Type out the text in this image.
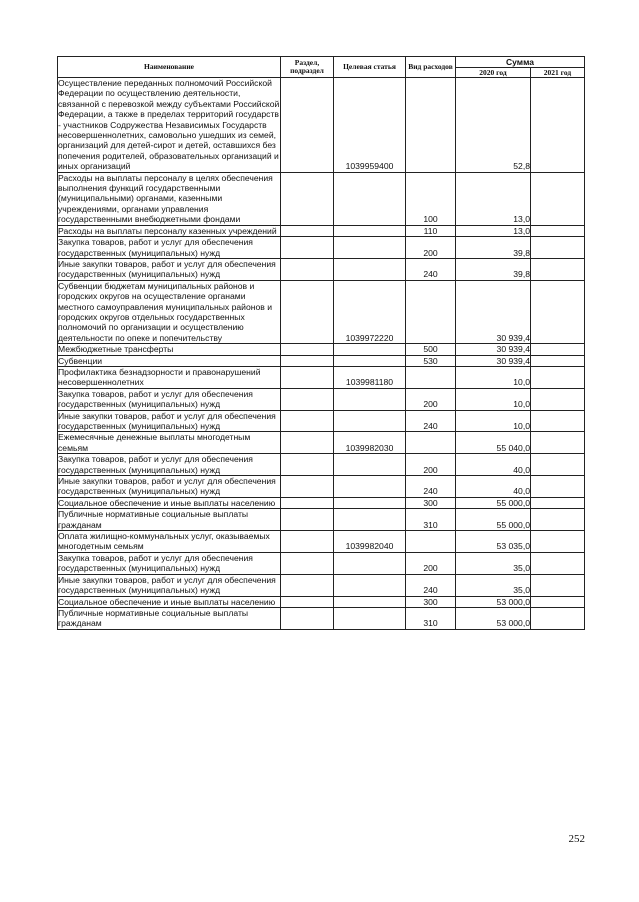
Наименование	Раздел, подраздел	Целевая статья	Вид расходов	Сумма	
				2020 год	2021 год
Осуществление переданных полномочий Российской Федерации по осуществлению деятельности, связанной с перевозкой между субъектами Российской Федерации, а также в пределах территорий государств - участников Содружества Независимых Государств несовершеннолетних, самовольно ушедших из семей, организаций для детей-сирот и детей, оставшихся без попечения родителей, образовательных организаций и иных организаций		1039959400		52,8	
Расходы на выплаты персоналу в целях обеспечения выполнения функций государственными (муниципальными) органами, казенными учреждениями, органами управления государственными внебюджетными фондами			100	13,0	
Расходы на выплаты персоналу казенных учреждений			110	13,0	
Закупка товаров, работ и услуг для обеспечения государственных (муниципальных) нужд			200	39,8	
Иные закупки товаров, работ и услуг для обеспечения государственных (муниципальных) нужд			240	39,8	
Субвенции бюджетам муниципальных районов и городских округов на осуществление органами местного самоуправления муниципальных районов и городских округов отдельных государственных полномочий по организации и осуществлению деятельности по опеке и попечительству		1039972220		30 939,4	
Межбюджетные трансферты			500	30 939,4	
Субвенции			530	30 939,4	
Профилактика безнадзорности и правонарушений несовершеннолетних		1039981180		10,0	
Закупка товаров, работ и услуг для обеспечения государственных (муниципальных) нужд			200	10,0	
Иные закупки товаров, работ и услуг для обеспечения государственных (муниципальных) нужд			240	10,0	
Ежемесячные денежные выплаты многодетным семьям		1039982030		55 040,0	
Закупка товаров, работ и услуг для обеспечения государственных (муниципальных) нужд			200	40,0	
Иные закупки товаров, работ и услуг для обеспечения государственных (муниципальных) нужд			240	40,0	
Социальное обеспечение и иные выплаты населению			300	55 000,0	
Публичные нормативные социальные выплаты гражданам			310	55 000,0	
Оплата жилищно-коммунальных услуг, оказываемых многодетным семьям		1039982040		53 035,0	
Закупка товаров, работ и услуг для обеспечения государственных (муниципальных) нужд			200	35,0	
Иные закупки товаров, работ и услуг для обеспечения государственных (муниципальных) нужд			240	35,0	
Социальное обеспечение и иные выплаты населению			300	53 000,0	
Публичные нормативные социальные выплаты гражданам			310	53 000,0	
252
